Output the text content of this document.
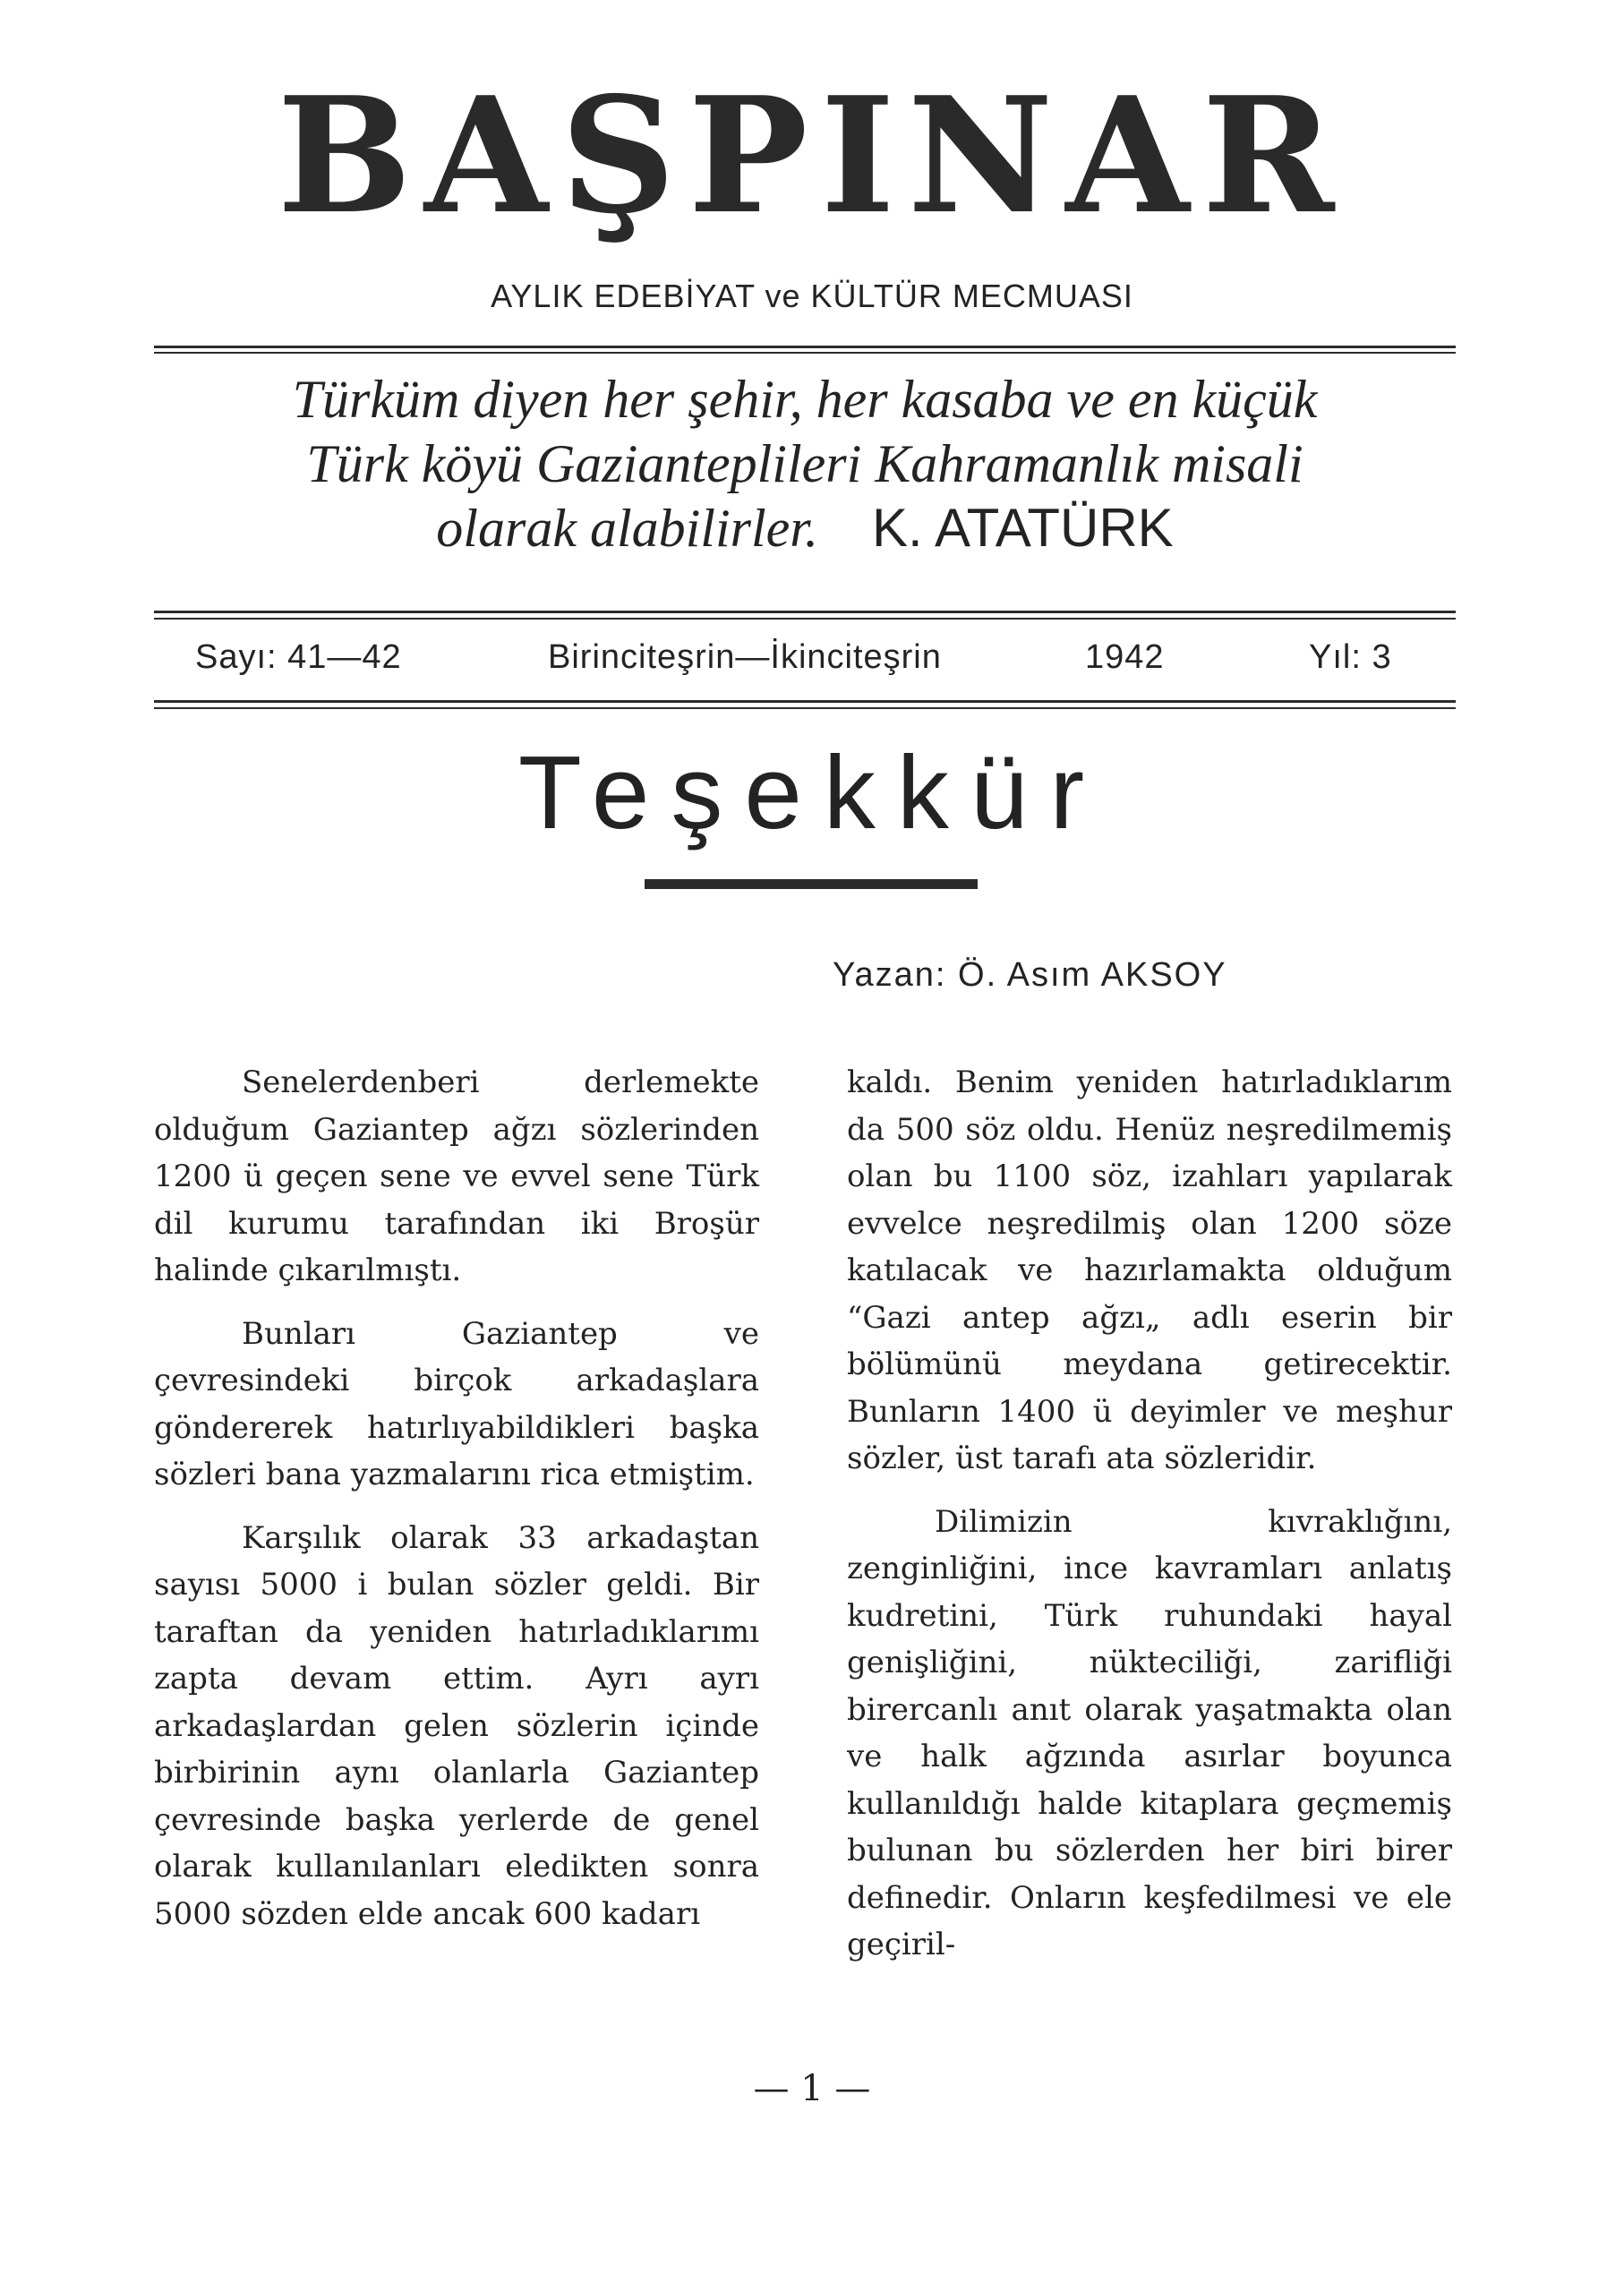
BAŞPINAR
AYLIK EDEBİYAT ve KÜLTÜR MECMUASI
Türküm diyen her şehir, her kasaba ve en küçük
Türk köyü Gazianteplileri Kahramanlık misali
olarak alabilirler. K. ATATÜRK
Sayı: 41—42	Birinciteşrin—İkinciteşrin	1942	Yıl: 3
Teşekkür
Yazan: Ö. Asım AKSOY

Senelerdenberi derlemekte olduğum Gaziantep ağzı sözlerinden 1200 ü geçen sene ve evvel sene Türk dil kurumu tarafından iki Broşür halinde çıkarılmıştı.

Bunları Gaziantep ve çevresindeki birçok arkadaşlara göndererek hatırlıyabildikleri başka sözleri bana yazmalarını rica etmiştim.

Karşılık olarak 33 arkadaştan sayısı 5000 i bulan sözler geldi. Bir taraftan da yeniden hatırladıklarımı zapta devam ettim. Ayrı ayrı arkadaşlardan gelen sözlerin içinde birbirinin aynı olanlarla Gaziantep çevresinde başka yerlerde de genel olarak kullanılanları eledikten sonra 5000 sözden elde ancak 600 kadarı

kaldı. Benim yeniden hatırladıklarım da 500 söz oldu. Henüz neşredilmemiş olan bu 1100 söz, izahları yapılarak evvelce neşredilmiş olan 1200 söze katılacak ve hazırlamakta olduğum “Gazi antep ağzı„ adlı eserin bir bölümünü meydana getirecektir. Bunların 1400 ü deyimler ve meşhur sözler, üst tarafı ata sözleridir.

Dilimizin kıvraklığını, zenginliğini, ince kavramları anlatış kudretini, Türk ruhundaki hayal genişliğini, nükteciliği, zarifliği birercanlı anıt olarak yaşatmakta olan ve halk ağzında asırlar boyunca kullanıldığı halde kitaplara geçmemiş bulunan bu sözlerden her biri birer definedir. Onların keşfedilmesi ve ele geçiril-

— 1 —
